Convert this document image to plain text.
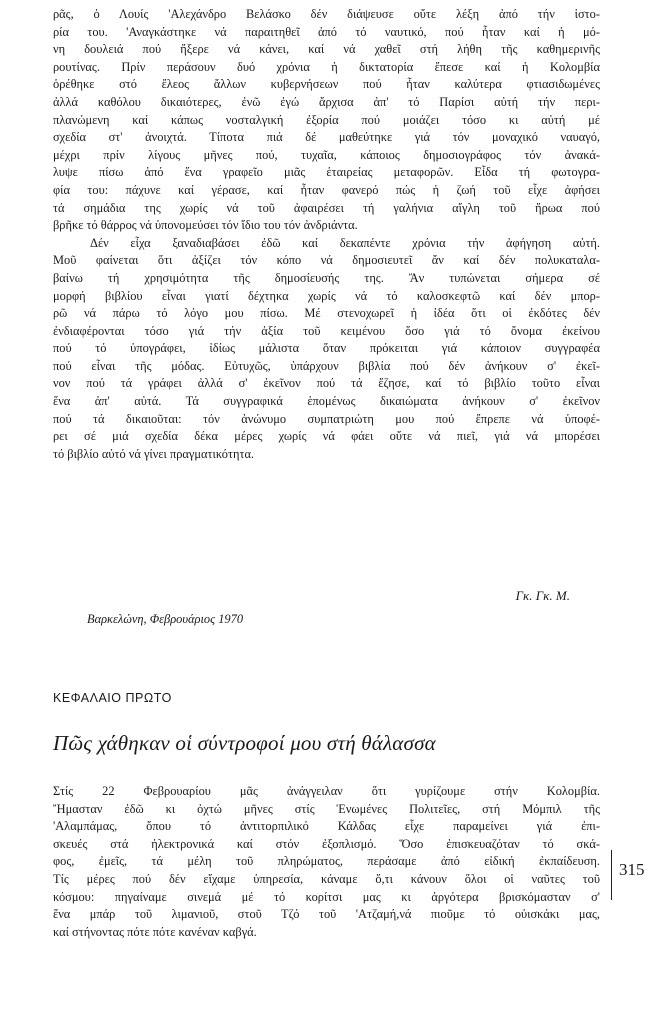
ρᾶς, ὁ Λουίς 'Αλεχάνδρο Βελάσκο δέν διάψευσε οὔτε λέξη ἀπό τήν ἱστο-
ρία του. 'Αναγκάστηκε νά παραιτηθεῖ ἀπό τό ναυτικό, πού ἦταν καί ἡ μό-
νη δουλειά πού ἤξερε νά κάνει, καί νά χαθεῖ στή λήθη τῆς καθημερινῆς
ρουτίνας. Πρίν περάσουν δυό χρόνια ἡ δικτατορία ἔπεσε καί ἡ Κολομβία
ὁρέθηκε στό ἔλεος ἄλλων κυβερνήσεων πού ἦταν καλύτερα φτιασιδωμένες
ἀλλά καθόλου δικαιότερες, ἐνῶ ἐγώ ἄρχισα ἀπ' τό Παρίσι αὐτή τήν περι-
πλανώμενη καί κάπως νοσταλγική ἐξορία πού μοιάζει τόσο κι αὐτή μέ
σχεδία στ' ἀνοιχτά. Τίποτα πιά δέ μαθεύτηκε γιά τόν μοναχικό ναυαγό,
μέχρι πρίν λίγους μῆνες πού, τυχαῖα, κάποιος δημοσιογράφος τόν ἀνακά-
λυψε πίσω ἀπό ἕνα γραφεῖο μιᾶς ἑταιρείας μεταφορῶν. Εἶδα τή φωτογρα-
φία του: πάχυνε καί γέρασε, καί ἦταν φανερό πώς ἡ ζωή τοῦ εἶχε ἀφήσει
τά σημάδια της χωρίς νά τοῦ ἀφαιρέσει τή γαλήνια αἴγλη τοῦ ἥρωα πού
βρῆκε τό θάρρος νά ὑπονομεύσει τόν ἴδιο του τόν ἀνδριάντα.
Δέν εἶχα ξαναδιαβάσει ἐδῶ καί δεκαπέντε χρόνια τήν ἀφήγηση αὐτή.
Μοῦ φαίνεται ὅτι ἀξίζει τόν κόπο νά δημοσιευτεῖ ἄν καί δέν πολυκαταλα-
βαίνω τή χρησιμότητα τῆς δημοσίευσής της. Ἄν τυπώνεται σήμερα σέ
μορφή βιβλίου εἶναι γιατί δέχτηκα χωρίς νά τό καλοσκεφτῶ καί δέν μπορ-
ρῶ νά πάρω τό λόγο μου πίσω. Μέ στενοχωρεῖ ἡ ἰδέα ὅτι οἱ ἐκδότες δέν
ἐνδιαφέρονται τόσο γιά τήν ἀξία τοῦ κειμένου ὅσο γιά τό ὄνομα ἐκείνου
πού τό ὑπογράφει, ἰδίως μάλιστα ὅταν πρόκειται γιά κάποιον συγγραφέα
πού εἶναι τῆς μόδας. Εὐτυχῶς, ὑπάρχουν βιβλία πού δέν ἀνήκουν σ' ἐκεῖ-
νον πού τά γράφει ἀλλά σ' ἐκεῖνον πού τά ἔζησε, καί τό βιβλίο τοῦτο εἶναι
ἕνα ἀπ' αὐτά. Τά συγγραφικά ἑπομένως δικαιώματα ἀνήκουν σ' ἐκεῖνον
πού τά δικαιοῦται: τόν ἀνώνυμο συμπατριώτη μου πού ἔπρεπε νά ὑποφέ-
ρει σέ μιά σχεδία δέκα μέρες χωρίς νά φάει οὔτε νά πιεῖ, γιά νά μπορέσει
τό βιβλίο αὐτό νά γίνει πραγματικότητα.
Γκ. Γκ. Μ.
Βαρκελώνη, Φεβρουάριος 1970
ΚΕΦΑΛΑΙΟ ΠΡΩΤΟ
Πῶς χάθηκαν οἱ σύντροφοί μου στή θάλασσα
Στίς 22 Φεβρουαρίου μᾶς ἀνάγγειλαν ὅτι γυρίζουμε στήν Κολομβία.
Ἤμασταν ἐδῶ κι ὀχτώ μῆνες στίς Ἑνωμένες Πολιτεῖες, στή Μόμπιλ τῆς
'Αλαμπάμας, ὅπου τό ἀντιτορπιλικό Κάλδας εἶχε παραμείνει γιά ἐπι-
σκευές στά ἠλεκτρονικά καί στόν ἐξοπλισμό. Ὅσο ἐπισκευαζόταν τό σκά-
φος, ἐμεῖς, τά μέλη τοῦ πληρώματος, περάσαμε ἀπό εἰδική ἐκπαίδευση.
Τίς μέρες πού δέν εἴχαμε ὑπηρεσία, κάναμε ὅ,τι κάνουν ὅλοι οἱ ναῦτες τοῦ
κόσμου: πηγαίναμε σινεμά μέ τό κορίτσι μας κι ἀργότερα βρισκόμασταν σ'
ἕνα μπάρ τοῦ λιμανιοῦ, στοῦ Τζό τοῦ 'Ατζαμή,νά πιοῦμε τό οὐισκάκι μας,
καί στήνοντας πότε πότε κανέναν καβγά.
315
